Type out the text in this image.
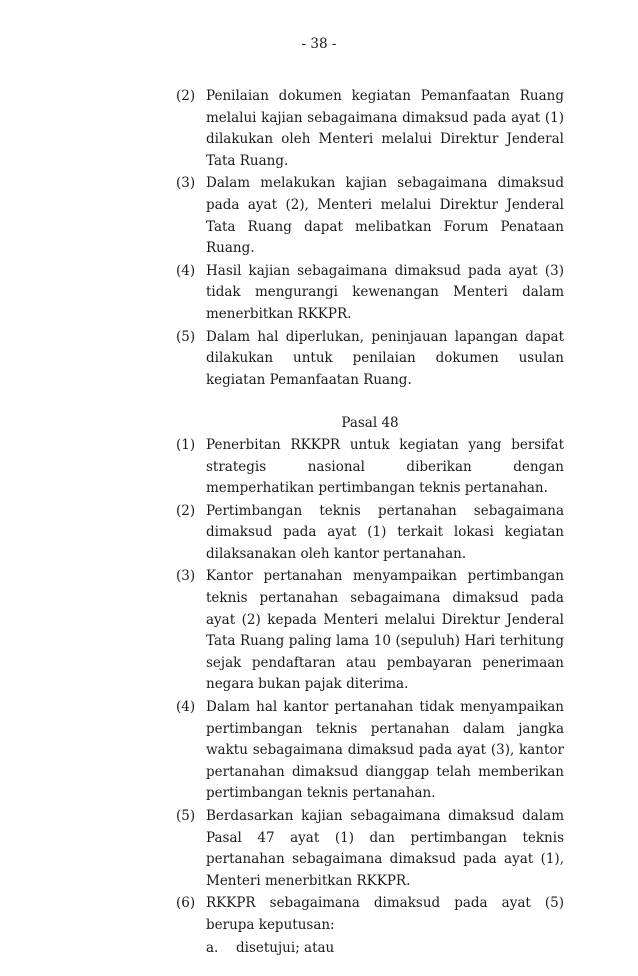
- 38 -
(2) Penilaian dokumen kegiatan Pemanfaatan Ruang melalui kajian sebagaimana dimaksud pada ayat (1) dilakukan oleh Menteri melalui Direktur Jenderal Tata Ruang.
(3) Dalam melakukan kajian sebagaimana dimaksud pada ayat (2), Menteri melalui Direktur Jenderal Tata Ruang dapat melibatkan Forum Penataan Ruang.
(4) Hasil kajian sebagaimana dimaksud pada ayat (3) tidak mengurangi kewenangan Menteri dalam menerbitkan RKKPR.
(5) Dalam hal diperlukan, peninjauan lapangan dapat dilakukan untuk penilaian dokumen usulan kegiatan Pemanfaatan Ruang.
Pasal 48
(1) Penerbitan RKKPR untuk kegiatan yang bersifat strategis nasional diberikan dengan memperhatikan pertimbangan teknis pertanahan.
(2) Pertimbangan teknis pertanahan sebagaimana dimaksud pada ayat (1) terkait lokasi kegiatan dilaksanakan oleh kantor pertanahan.
(3) Kantor pertanahan menyampaikan pertimbangan teknis pertanahan sebagaimana dimaksud pada ayat (2) kepada Menteri melalui Direktur Jenderal Tata Ruang paling lama 10 (sepuluh) Hari terhitung sejak pendaftaran atau pembayaran penerimaan negara bukan pajak diterima.
(4) Dalam hal kantor pertanahan tidak menyampaikan pertimbangan teknis pertanahan dalam jangka waktu sebagaimana dimaksud pada ayat (3), kantor pertanahan dimaksud dianggap telah memberikan pertimbangan teknis pertanahan.
(5) Berdasarkan kajian sebagaimana dimaksud dalam Pasal 47 ayat (1) dan pertimbangan teknis pertanahan sebagaimana dimaksud pada ayat (1), Menteri menerbitkan RKKPR.
(6) RKKPR sebagaimana dimaksud pada ayat (5) berupa keputusan:
a.	disetujui; atau
